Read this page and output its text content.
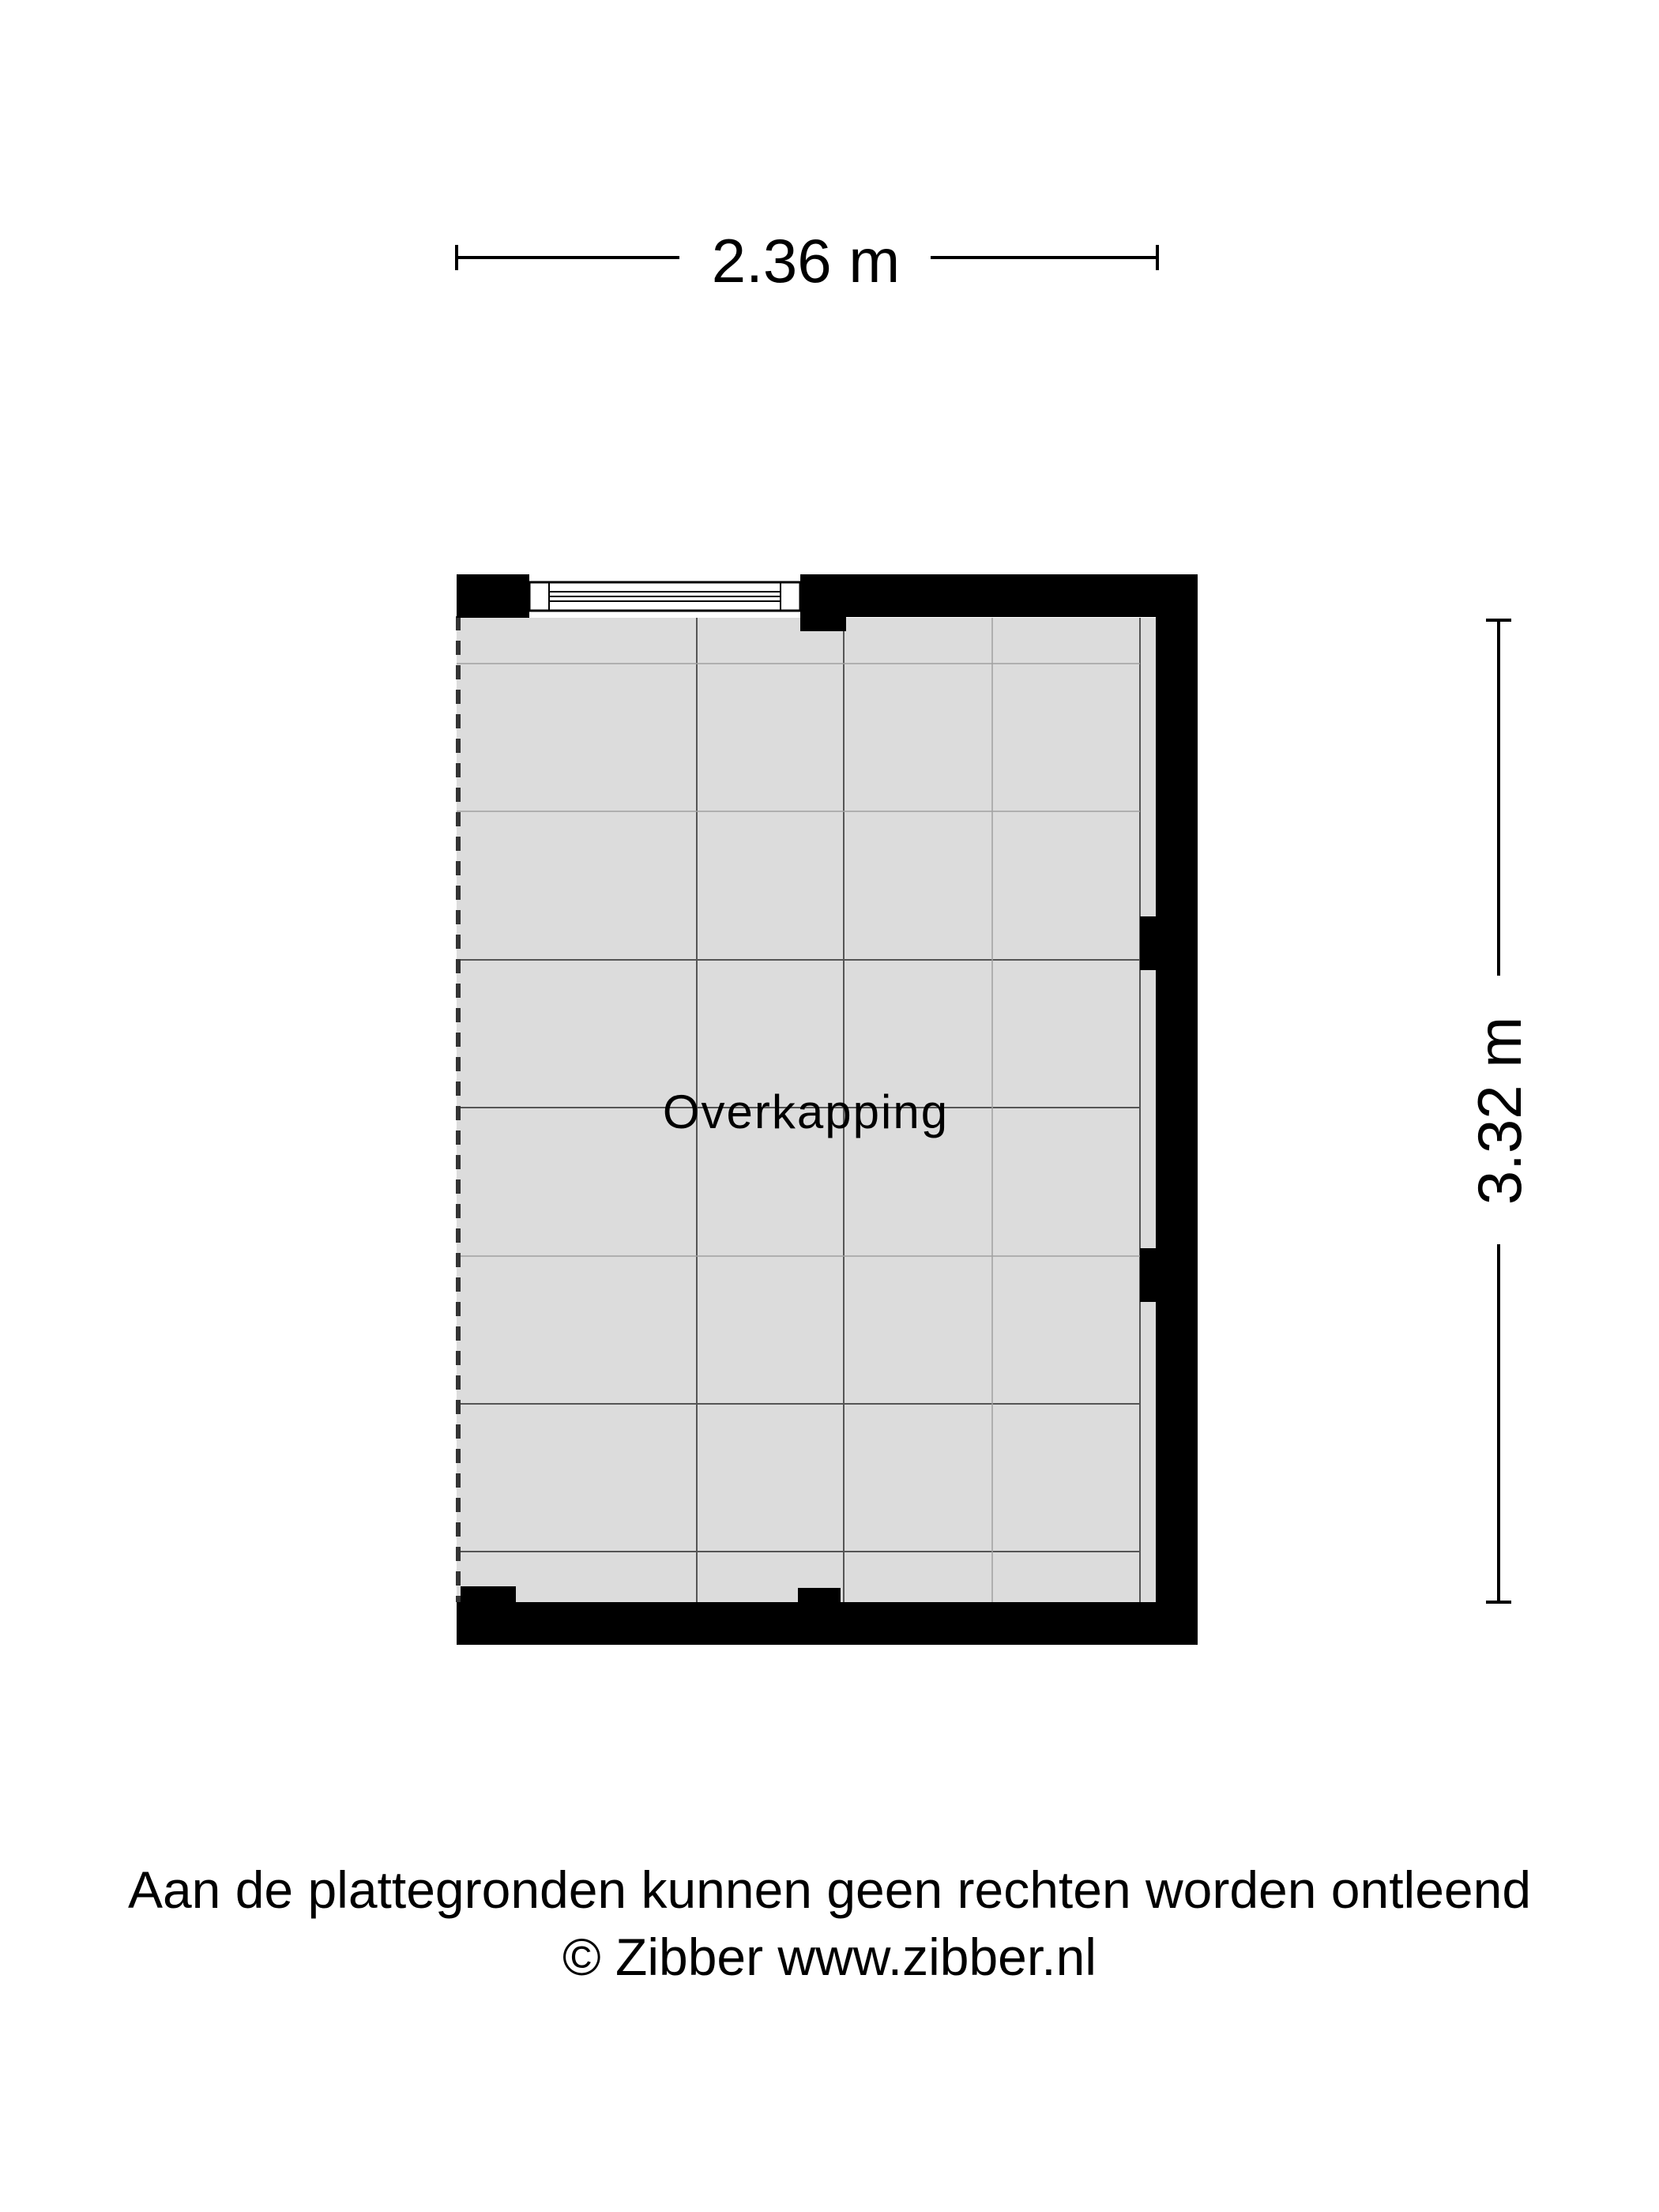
2.36 m
3.32 m
Overkapping
Aan de plattegronden kunnen geen rechten worden ontleend
© Zibber www.zibber.nl
